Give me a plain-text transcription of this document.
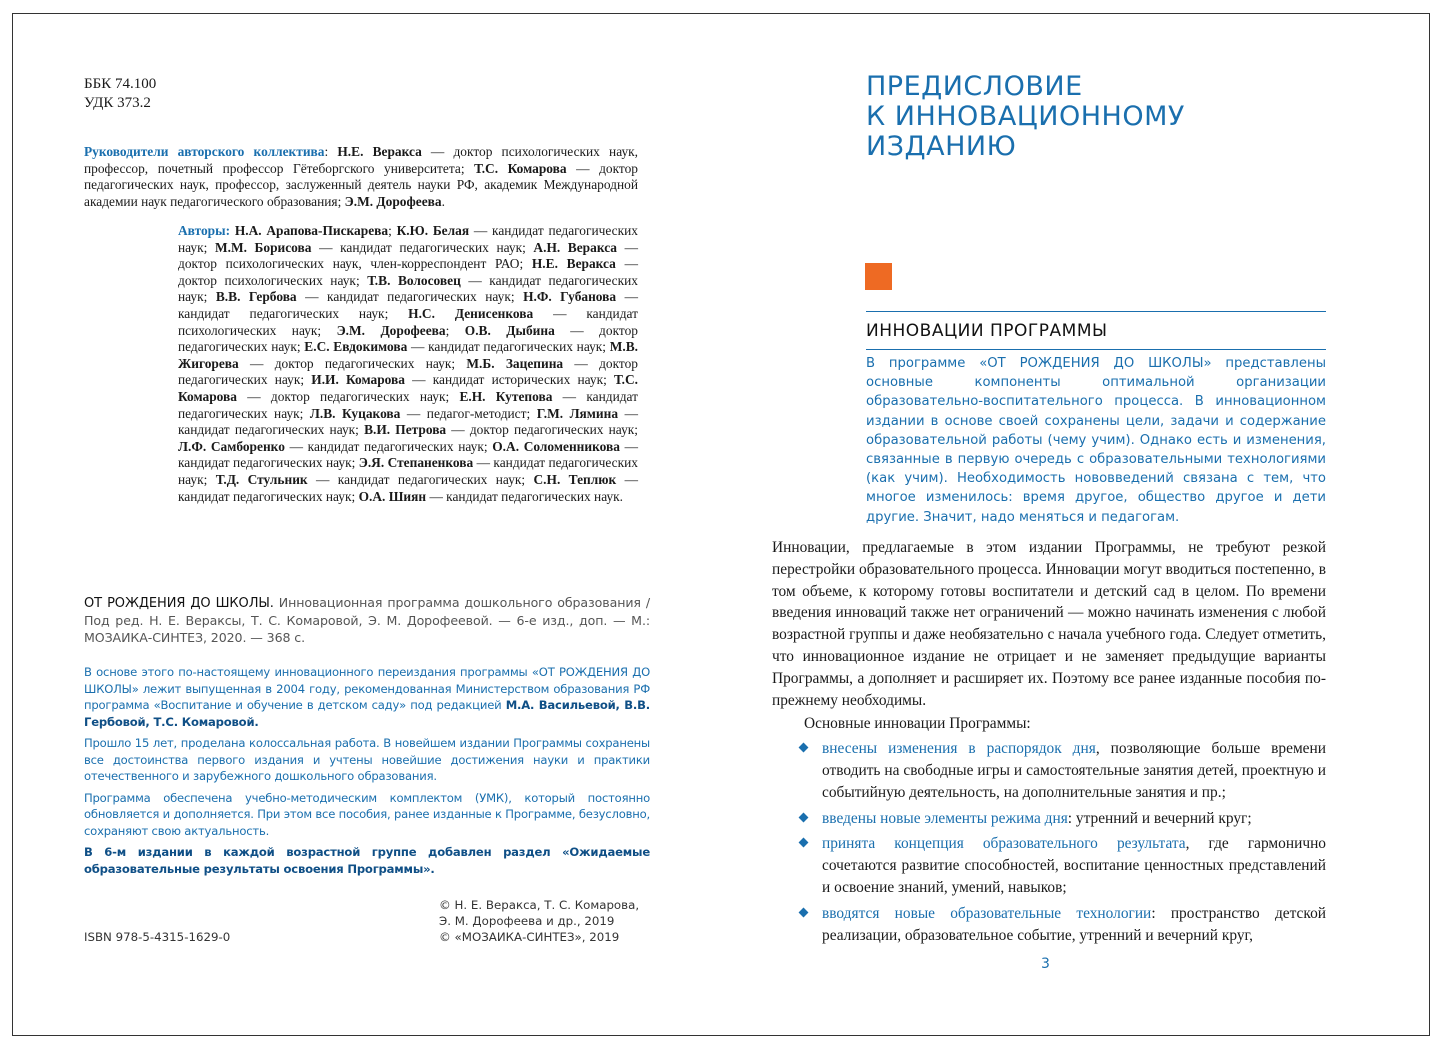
ББК 74.100
УДК 373.2
Руководители авторского коллектива: Н.Е. Веракса — доктор психологических наук, профессор, почетный профессор Гётеборгского университета; Т.С. Комарова — доктор педагогических наук, профессор, заслуженный деятель науки РФ, академик Международной академии наук педагогического образования; Э.М. Дорофеева.
Авторы: Н.А. Арапова-Пискарева; К.Ю. Белая — кандидат педагогических наук; М.М. Борисова — кандидат педагогических наук; А.Н. Веракса — доктор психологических наук, член-корреспондент РАО; Н.Е. Веракса — доктор психологических наук; Т.В. Волосовец — кандидат педагогических наук; В.В. Гербова — кандидат педагогических наук; Н.Ф. Губанова — кандидат педагогических наук; Н.С. Денисенкова — кандидат психологических наук; Э.М. Дорофеева; О.В. Дыбина — доктор педагогических наук; Е.С. Евдокимова — кандидат педагогических наук; М.В. Жигорева — доктор педагогических наук; М.Б. Зацепина — доктор педагогических наук; И.И. Комарова — кандидат исторических наук; Т.С. Комарова — доктор педагогических наук; Е.Н. Кутепова — кандидат педагогических наук; Л.В. Куцакова — педагог-методист; Г.М. Лямина — кандидат педагогических наук; В.И. Петрова — доктор педагогических наук; Л.Ф. Самборенко — кандидат педагогических наук; О.А. Соломенникова — кандидат педагогических наук; Э.Я. Степаненкова — кандидат педагогических наук; Т.Д. Стульник — кандидат педагогических наук; С.Н. Теплюк — кандидат педагогических наук; О.А. Шиян — кандидат педагогических наук.
ОТ РОЖДЕНИЯ ДО ШКОЛЫ. Инновационная программа дошкольного образования / Под ред. Н. Е. Вераксы, Т. С. Комаровой, Э. М. Дорофеевой. — 6-е изд., доп. — М.: МОЗАИКА-СИНТЕЗ, 2020. — 368 с.

В основе этого по-настоящему инновационного переиздания программы «ОТ РОЖДЕНИЯ ДО ШКОЛЫ» лежит выпущенная в 2004 году, рекомендованная Министерством образования РФ программа «Воспитание и обучение в детском саду» под редакцией М.А. Васильевой, В.В. Гербовой, Т.С. Комаровой.

Прошло 15 лет, проделана колоссальная работа. В новейшем издании Программы сохранены все достоинства первого издания и учтены новейшие достижения науки и практики отечественного и зарубежного дошкольного образования.

Программа обеспечена учебно-методическим комплектом (УМК), который постоянно обновляется и дополняется. При этом все пособия, ранее изданные к Программе, безусловно, сохраняют свою актуальность.

В 6-м издании в каждой возрастной группе добавлен раздел «Ожидаемые образовательные результаты освоения Программы».

© Н. Е. Веракса, Т. С. Комарова,
Э. М. Дорофеева и др., 2019
© «МОЗАИКА-СИНТЕЗ», 2019
ISBN 978-5-4315-1629-0
ПРЕДИСЛОВИЕ
К ИННОВАЦИОННОМУ
ИЗДАНИЮ
ИННОВАЦИИ ПРОГРАММЫ
В программе «ОТ РОЖДЕНИЯ ДО ШКОЛЫ» представлены основные компоненты оптимальной организации образовательно-воспитательного процесса. В инновационном издании в основе своей сохранены цели, задачи и содержание образовательной работы (чему учим). Однако есть и изменения, связанные в первую очередь с образовательными технологиями (как учим). Необходимость нововведений связана с тем, что многое изменилось: время другое, общество другое и дети другие. Значит, надо меняться и педагогам.

Инновации, предлагаемые в этом издании Программы, не требуют резкой перестройки образовательного процесса. Инновации могут вводиться постепенно, в том объеме, к которому готовы воспитатели и детский сад в целом. По времени введения инноваций также нет ограничений — можно начинать изменения с любой возрастной группы и даже необязательно с начала учебного года. Следует отметить, что инновационное издание не отрицает и не заменяет предыдущие варианты Программы, а дополняет и расширяет их. Поэтому все ранее изданные пособия по-прежнему необходимы.

Основные инновации Программы:

внесены изменения в распорядок дня, позволяющие больше времени отводить на свободные игры и самостоятельные занятия детей, проектную и событийную деятельность, на дополнительные занятия и пр.;
введены новые элементы режима дня: утренний и вечерний круг;
принята концепция образовательного результата, где гармонично сочетаются развитие способностей, воспитание ценностных представлений и освоение знаний, умений, навыков;
вводятся новые образовательные технологии: пространство детской реализации, образовательное событие, утренний и вечерний круг,
3
